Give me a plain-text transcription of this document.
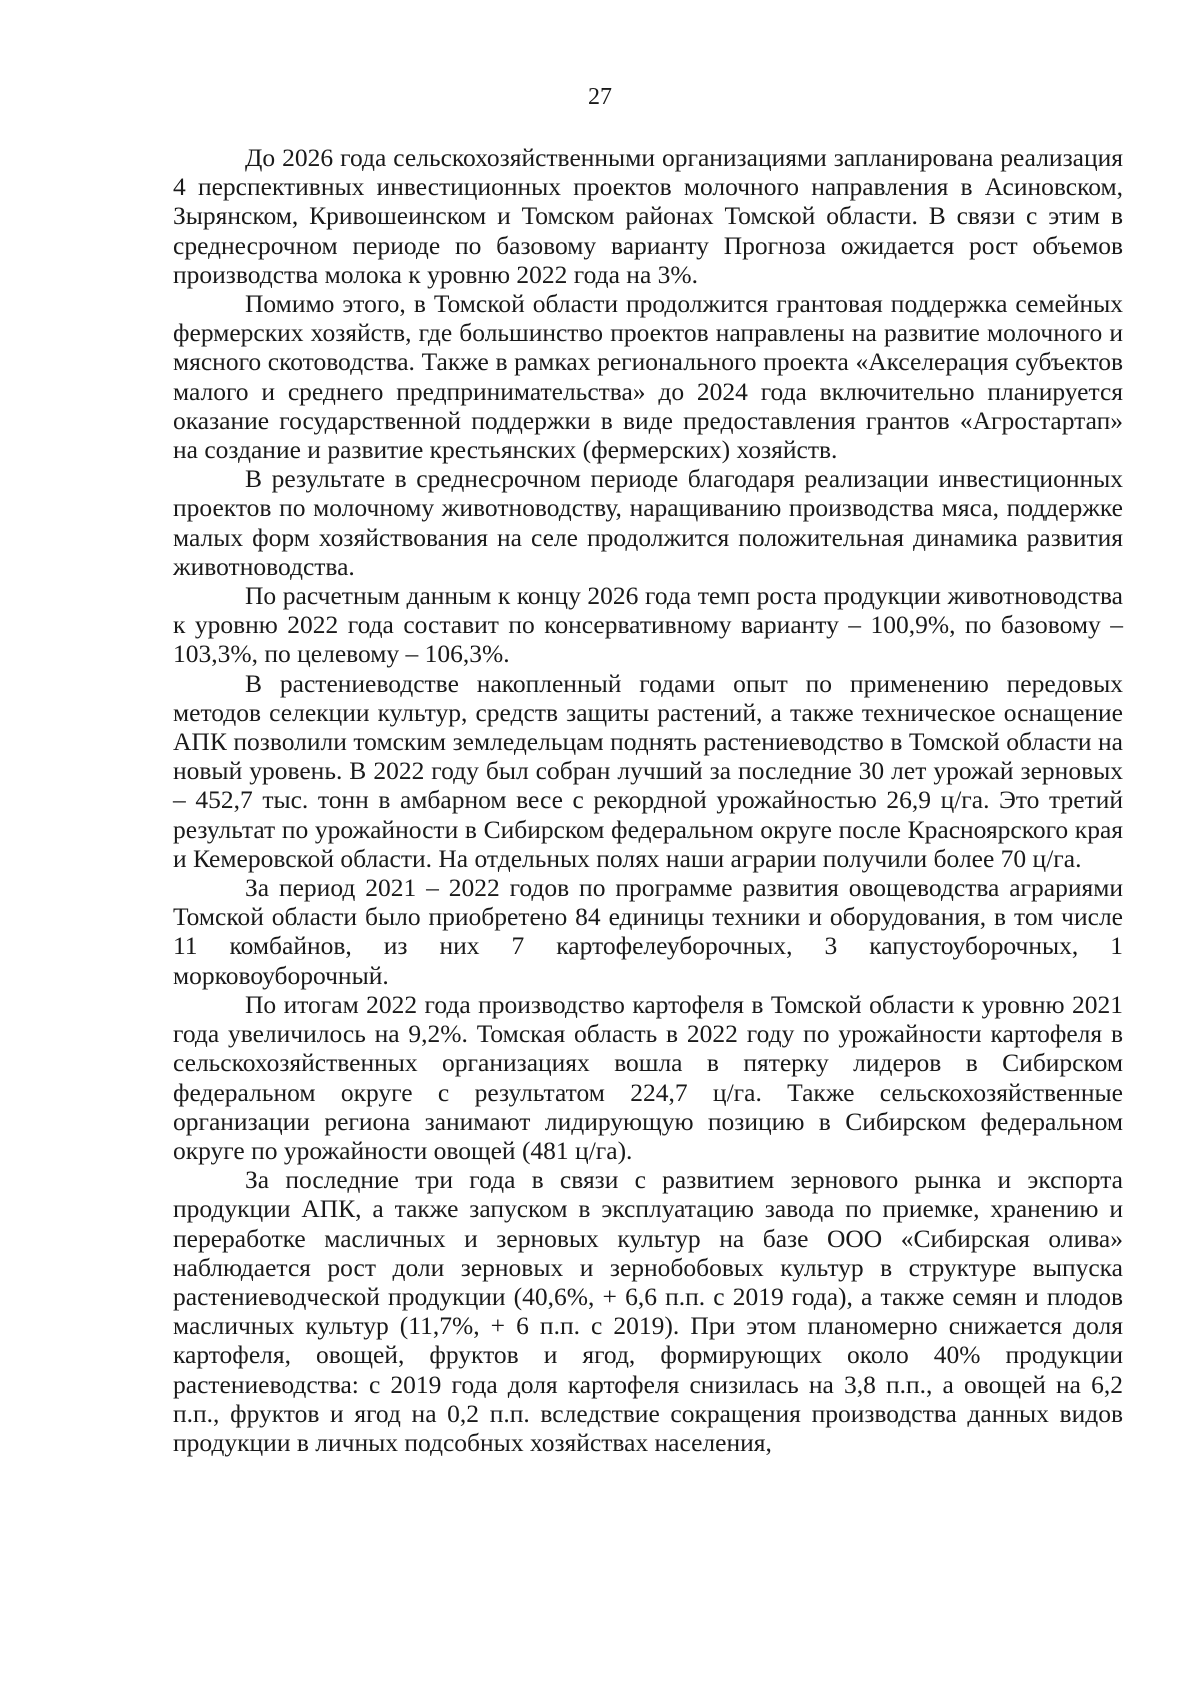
27

До 2026 года сельскохозяйственными организациями запланирована реализация 4 перспективных инвестиционных проектов молочного направления в Асиновском, Зырянском, Кривошеинском и Томском районах Томской области. В связи с этим в среднесрочном периоде по базовому варианту Прогноза ожидается рост объемов производства молока к уровню 2022 года на 3%.

Помимо этого, в Томской области продолжится грантовая поддержка семейных фермерских хозяйств, где большинство проектов направлены на развитие молочного и мясного скотоводства. Также в рамках регионального проекта «Акселерация субъектов малого и среднего предпринимательства» до 2024 года включительно планируется оказание государственной поддержки в виде предоставления грантов «Агростартап» на создание и развитие крестьянских (фермерских) хозяйств.

В результате в среднесрочном периоде благодаря реализации инвестиционных проектов по молочному животноводству, наращиванию производства мяса, поддержке малых форм хозяйствования на селе продолжится положительная динамика развития животноводства.

По расчетным данным к концу 2026 года темп роста продукции животноводства к уровню 2022 года составит по консервативному варианту – 100,9%, по базовому – 103,3%, по целевому – 106,3%.

В растениеводстве накопленный годами опыт по применению передовых методов селекции культур, средств защиты растений, а также техническое оснащение АПК позволили томским земледельцам поднять растениеводство в Томской области на новый уровень. В 2022 году был собран лучший за последние 30 лет урожай зерновых – 452,7 тыс. тонн в амбарном весе с рекордной урожайностью 26,9 ц/га. Это третий результат по урожайности в Сибирском федеральном округе после Красноярского края и Кемеровской области. На отдельных полях наши аграрии получили более 70 ц/га.

За период 2021 – 2022 годов по программе развития овощеводства аграриями Томской области было приобретено 84 единицы техники и оборудования, в том числе 11 комбайнов, из них 7 картофелеуборочных, 3 капустоуборочных, 1 морковоуборочный.

По итогам 2022 года производство картофеля в Томской области к уровню 2021 года увеличилось на 9,2%. Томская область в 2022 году по урожайности картофеля в сельскохозяйственных организациях вошла в пятерку лидеров в Сибирском федеральном округе с результатом 224,7 ц/га. Также сельскохозяйственные организации региона занимают лидирующую позицию в Сибирском федеральном округе по урожайности овощей (481 ц/га).

За последние три года в связи с развитием зернового рынка и экспорта продукции АПК, а также запуском в эксплуатацию завода по приемке, хранению и переработке масличных и зерновых культур на базе ООО «Сибирская олива» наблюдается рост доли зерновых и зернобобовых культур в структуре выпуска растениеводческой продукции (40,6%, + 6,6 п.п. с 2019 года), а также семян и плодов масличных культур (11,7%, + 6 п.п. с 2019). При этом планомерно снижается доля картофеля, овощей, фруктов и ягод, формирующих около 40% продукции растениеводства: с 2019 года доля картофеля снизилась на 3,8 п.п., а овощей на 6,2 п.п., фруктов и ягод на 0,2 п.п. вследствие сокращения производства данных видов продукции в личных подсобных хозяйствах населения,
